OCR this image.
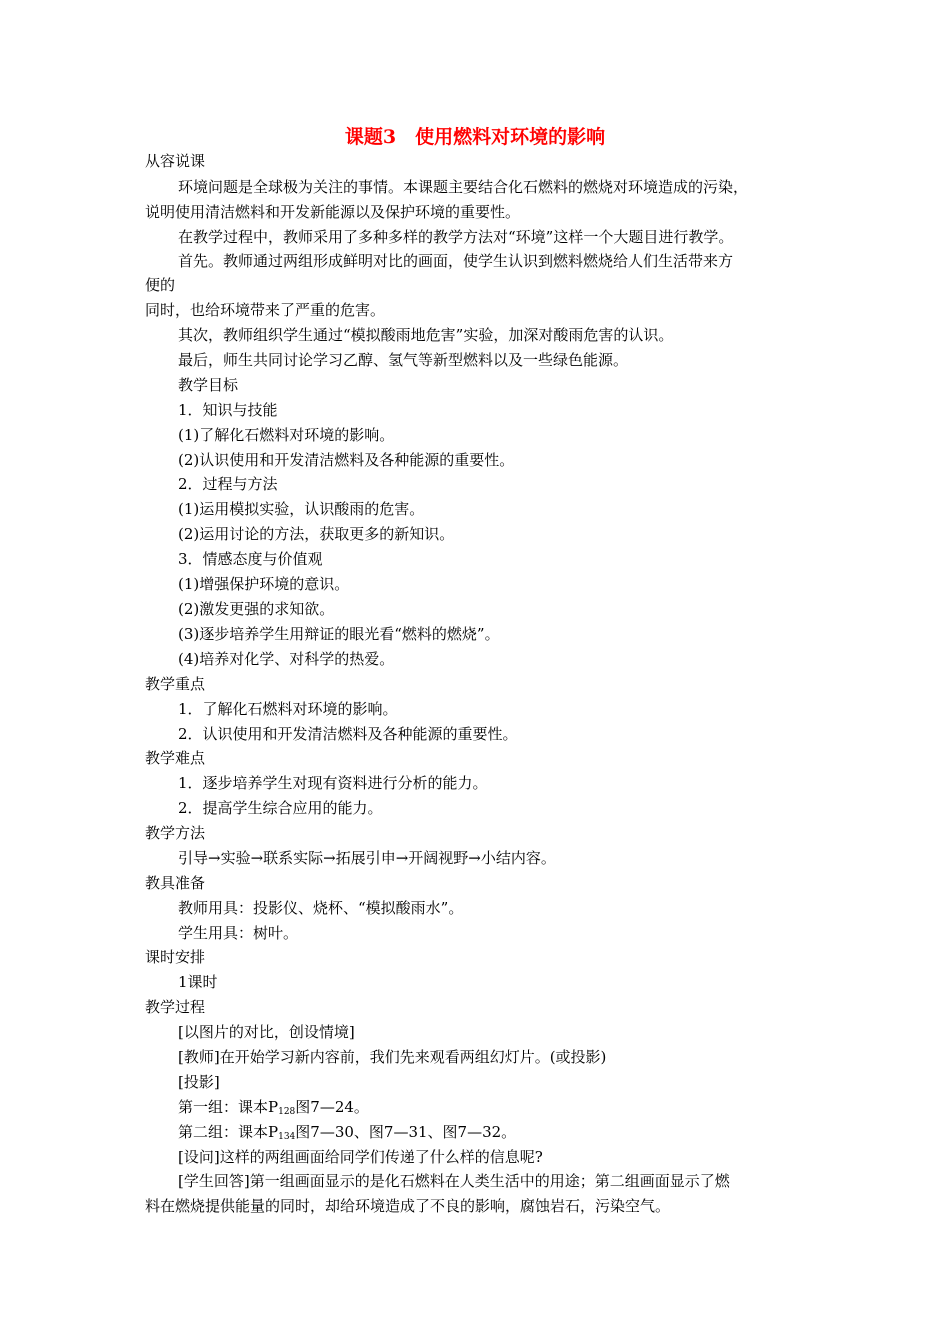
课题3　使用燃料对环境的影响
从容说课
环境问题是全球极为关注的事情。本课题主要结合化石燃料的燃烧对环境造成的污染，
说明使用清洁燃料和开发新能源以及保护环境的重要性。
在教学过程中，教师采用了多种多样的教学方法对“环境”这样一个大题目进行教学。
首先。教师通过两组形成鲜明对比的画面，使学生认识到燃料燃烧给人们生活带来方
便的
同时，也给环境带来了严重的危害。
其次，教师组织学生通过“模拟酸雨地危害”实验，加深对酸雨危害的认识。
最后，师生共同讨论学习乙醇、氢气等新型燃料以及一些绿色能源。
教学目标
1．知识与技能
(1)了解化石燃料对环境的影响。
(2)认识使用和开发清洁燃料及各种能源的重要性。
2．过程与方法
(1)运用模拟实验，认识酸雨的危害。
(2)运用讨论的方法，获取更多的新知识。
3．情感态度与价值观
(1)增强保护环境的意识。
(2)激发更强的求知欲。
(3)逐步培养学生用辩证的眼光看“燃料的燃烧”。
(4)培养对化学、对科学的热爱。
教学重点
1．了解化石燃料对环境的影响。
2．认识使用和开发清洁燃料及各种能源的重要性。
教学难点
1．逐步培养学生对现有资料进行分析的能力。
2．提高学生综合应用的能力。
教学方法
引导→实验→联系实际→拓展引申→开阔视野→小结内容。
教具准备
教师用具：投影仪、烧杯、“模拟酸雨水”。
学生用具：树叶。
课时安排
1课时
教学过程
[以图片的对比，创设情境]
[教师]在开始学习新内容前，我们先来观看两组幻灯片。(或投影)
[投影]
第一组：课本$P_{128}$图7—24。
第二组：课本$P_{134}$图7—30、图7—31、图7—32。
[设问]这样的两组画面给同学们传递了什么样的信息呢?
[学生回答]第一组画面显示的是化石燃料在人类生活中的用途；第二组画面显示了燃
料在燃烧提供能量的同时，却给环境造成了不良的影响，腐蚀岩石，污染空气。
